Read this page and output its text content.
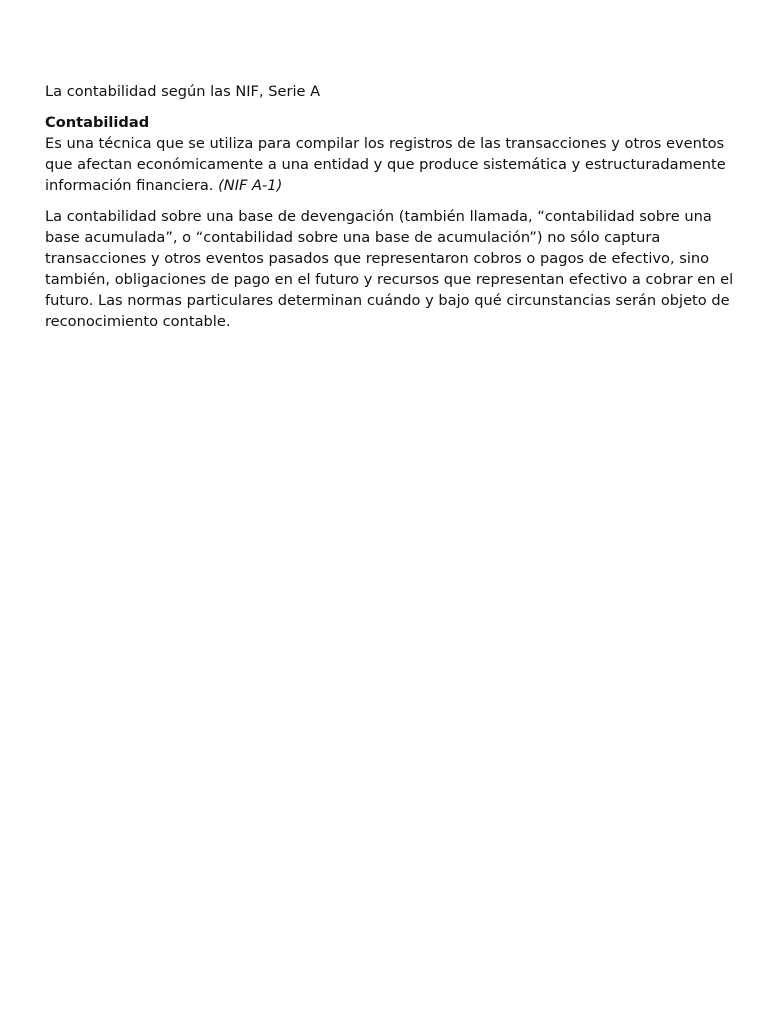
La contabilidad según las NIF, Serie A

Contabilidad
Es una técnica que se utiliza para compilar los registros de las transacciones y otros eventos que afectan económicamente a una entidad y que produce sistemática y estructuradamente información financiera. (NIF A-1)

La contabilidad sobre una base de devengación (también llamada, “contabilidad sobre una base acumulada”, o “contabilidad sobre una base de acumulación”) no sólo captura transacciones y otros eventos pasados que representaron cobros o pagos de efectivo, sino también, obligaciones de pago en el futuro y recursos que representan efectivo a cobrar en el futuro. Las normas particulares determinan cuándo y bajo qué circunstancias serán objeto de reconocimiento contable.
